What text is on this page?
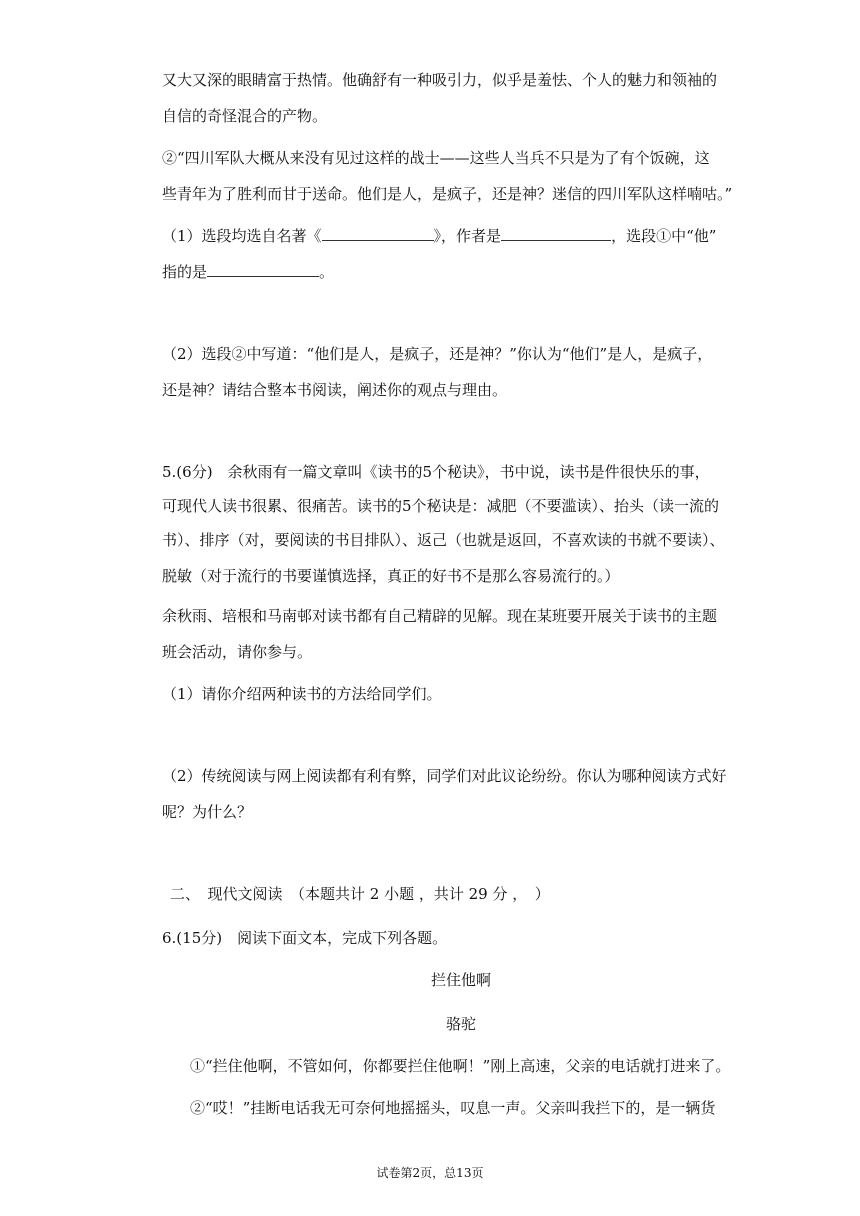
又大又深的眼睛富于热情。他确舒有一种吸引力，似乎是羞怯、个人的魅力和领袖的
自信的奇怪混合的产物。
②“四川军队大概从来没有见过这样的战士——这些人当兵不只是为了有个饭碗，这
些青年为了胜利而甘于送命。他们是人，是疯子，还是神？迷信的四川军队这样喃咕。”
（1）选段均选自名著《	》，作者是	，选段①中“他”
指的是	。
（2）选段②中写道：“他们是人，是疯子，还是神？”你认为“他们”是人，是疯子，
还是神？请结合整本书阅读，阐述你的观点与理由。
5.(6分)　余秋雨有一篇文章叫《读书的5个秘诀》，书中说，读书是件很快乐的事，
可现代人读书很累、很痛苦。读书的5个秘诀是：减肥（不要滥读）、抬头（读一流的
书）、排序（对，要阅读的书目排队）、返己（也就是返回，不喜欢读的书就不要读）、
脱敏（对于流行的书要谨慎选择，真正的好书不是那么容易流行的。）
余秋雨、培根和马南邨对读书都有自己精辟的见解。现在某班要开展关于读书的主题
班会活动，请你参与。
（1）请你介绍两种读书的方法给同学们。
（2）传统阅读与网上阅读都有利有弊，同学们对此议论纷纷。你认为哪种阅读方式好
呢？为什么？
二、　现代文阅读　（本题共计 2 小题 ，共计 29 分 ，　）
6.(15分)　阅读下面文本，完成下列各题。
拦住他啊
骆驼
①“拦住他啊，不管如何，你都要拦住他啊！”刚上高速，父亲的电话就打进来了。
②“哎！”挂断电话我无可奈何地摇摇头，叹息一声。父亲叫我拦下的，是一辆货
试卷第2页，总13页
